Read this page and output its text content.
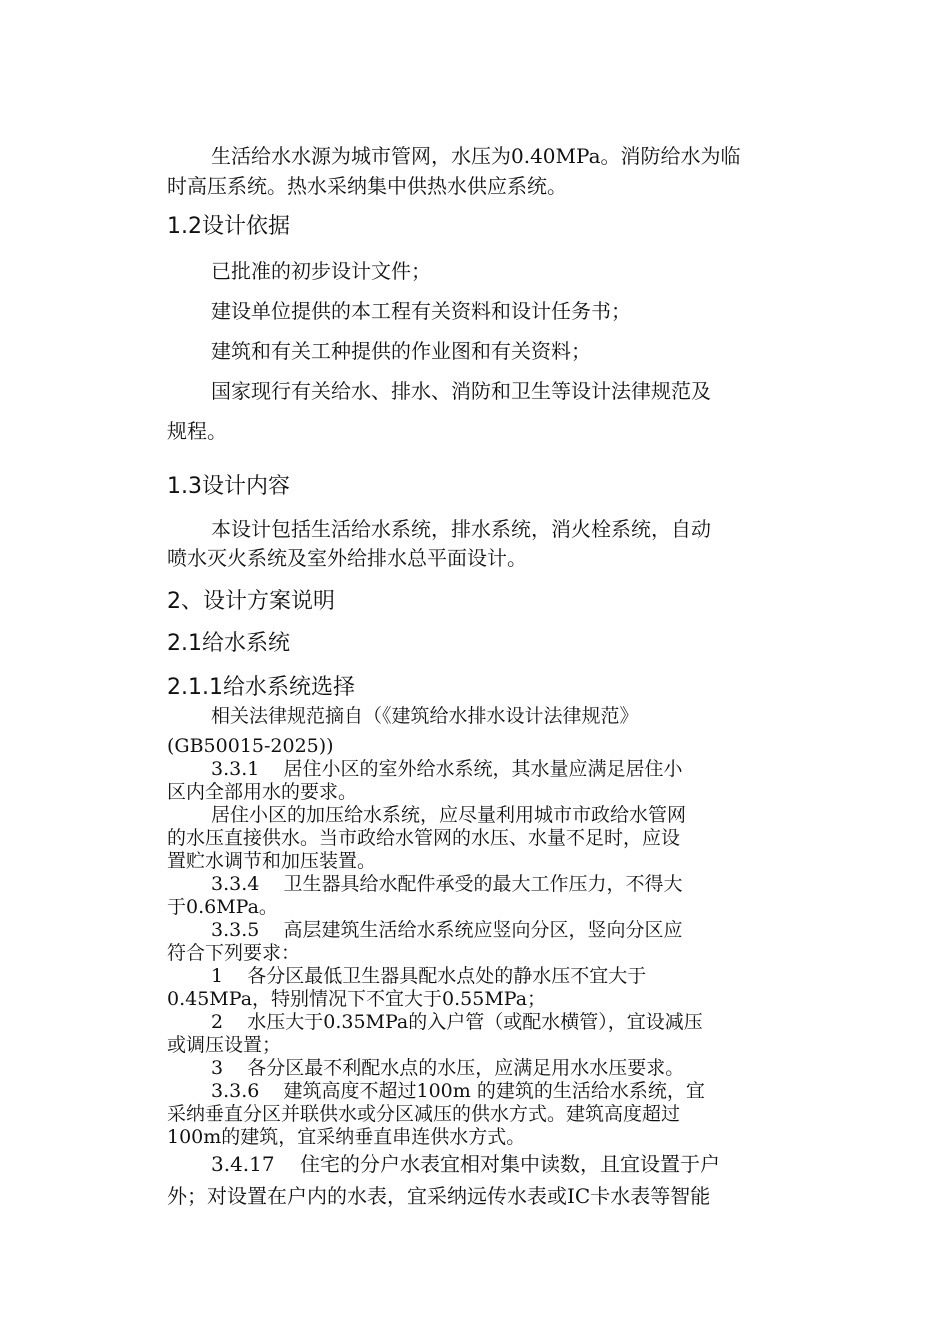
生活给水水源为城市管网，水压为0.40MPa。消防给水为临

时高压系统。热水采纳集中供热水供应系统。

1.2设计依据

已批准的初步设计文件；

建设单位提供的本工程有关资料和设计任务书；

建筑和有关工种提供的作业图和有关资料；

国家现行有关给水、排水、消防和卫生等设计法律规范及

规程。

1.3设计内容

本设计包括生活给水系统，排水系统，消火栓系统，自动

喷水灭火系统及室外给排水总平面设计。

2、设计方案说明

2.1给水系统

2.1.1给水系统选择

相关法律规范摘自（《建筑给水排水设计法律规范》

(GB50015-2025))

3.3.1    居住小区的室外给水系统，其水量应满足居住小

区内全部用水的要求。

居住小区的加压给水系统，应尽量利用城市市政给水管网

的水压直接供水。当市政给水管网的水压、水量不足时，应设

置贮水调节和加压装置。

3.3.4    卫生器具给水配件承受的最大工作压力，不得大

于0.6MPa。

3.3.5    高层建筑生活给水系统应竖向分区，竖向分区应

符合下列要求：

1    各分区最低卫生器具配水点处的静水压不宜大于

0.45MPa，特别情况下不宜大于0.55MPa；

2    水压大于0.35MPa的入户管（或配水横管），宜设减压

或调压设置；

3    各分区最不利配水点的水压，应满足用水水压要求。

3.3.6    建筑高度不超过100m 的建筑的生活给水系统，宜

采纳垂直分区并联供水或分区减压的供水方式。建筑高度超过

100m的建筑，宜采纳垂直串连供水方式。

3.4.17    住宅的分户水表宜相对集中读数，且宜设置于户

外；对设置在户内的水表，宜采纳远传水表或IC卡水表等智能
